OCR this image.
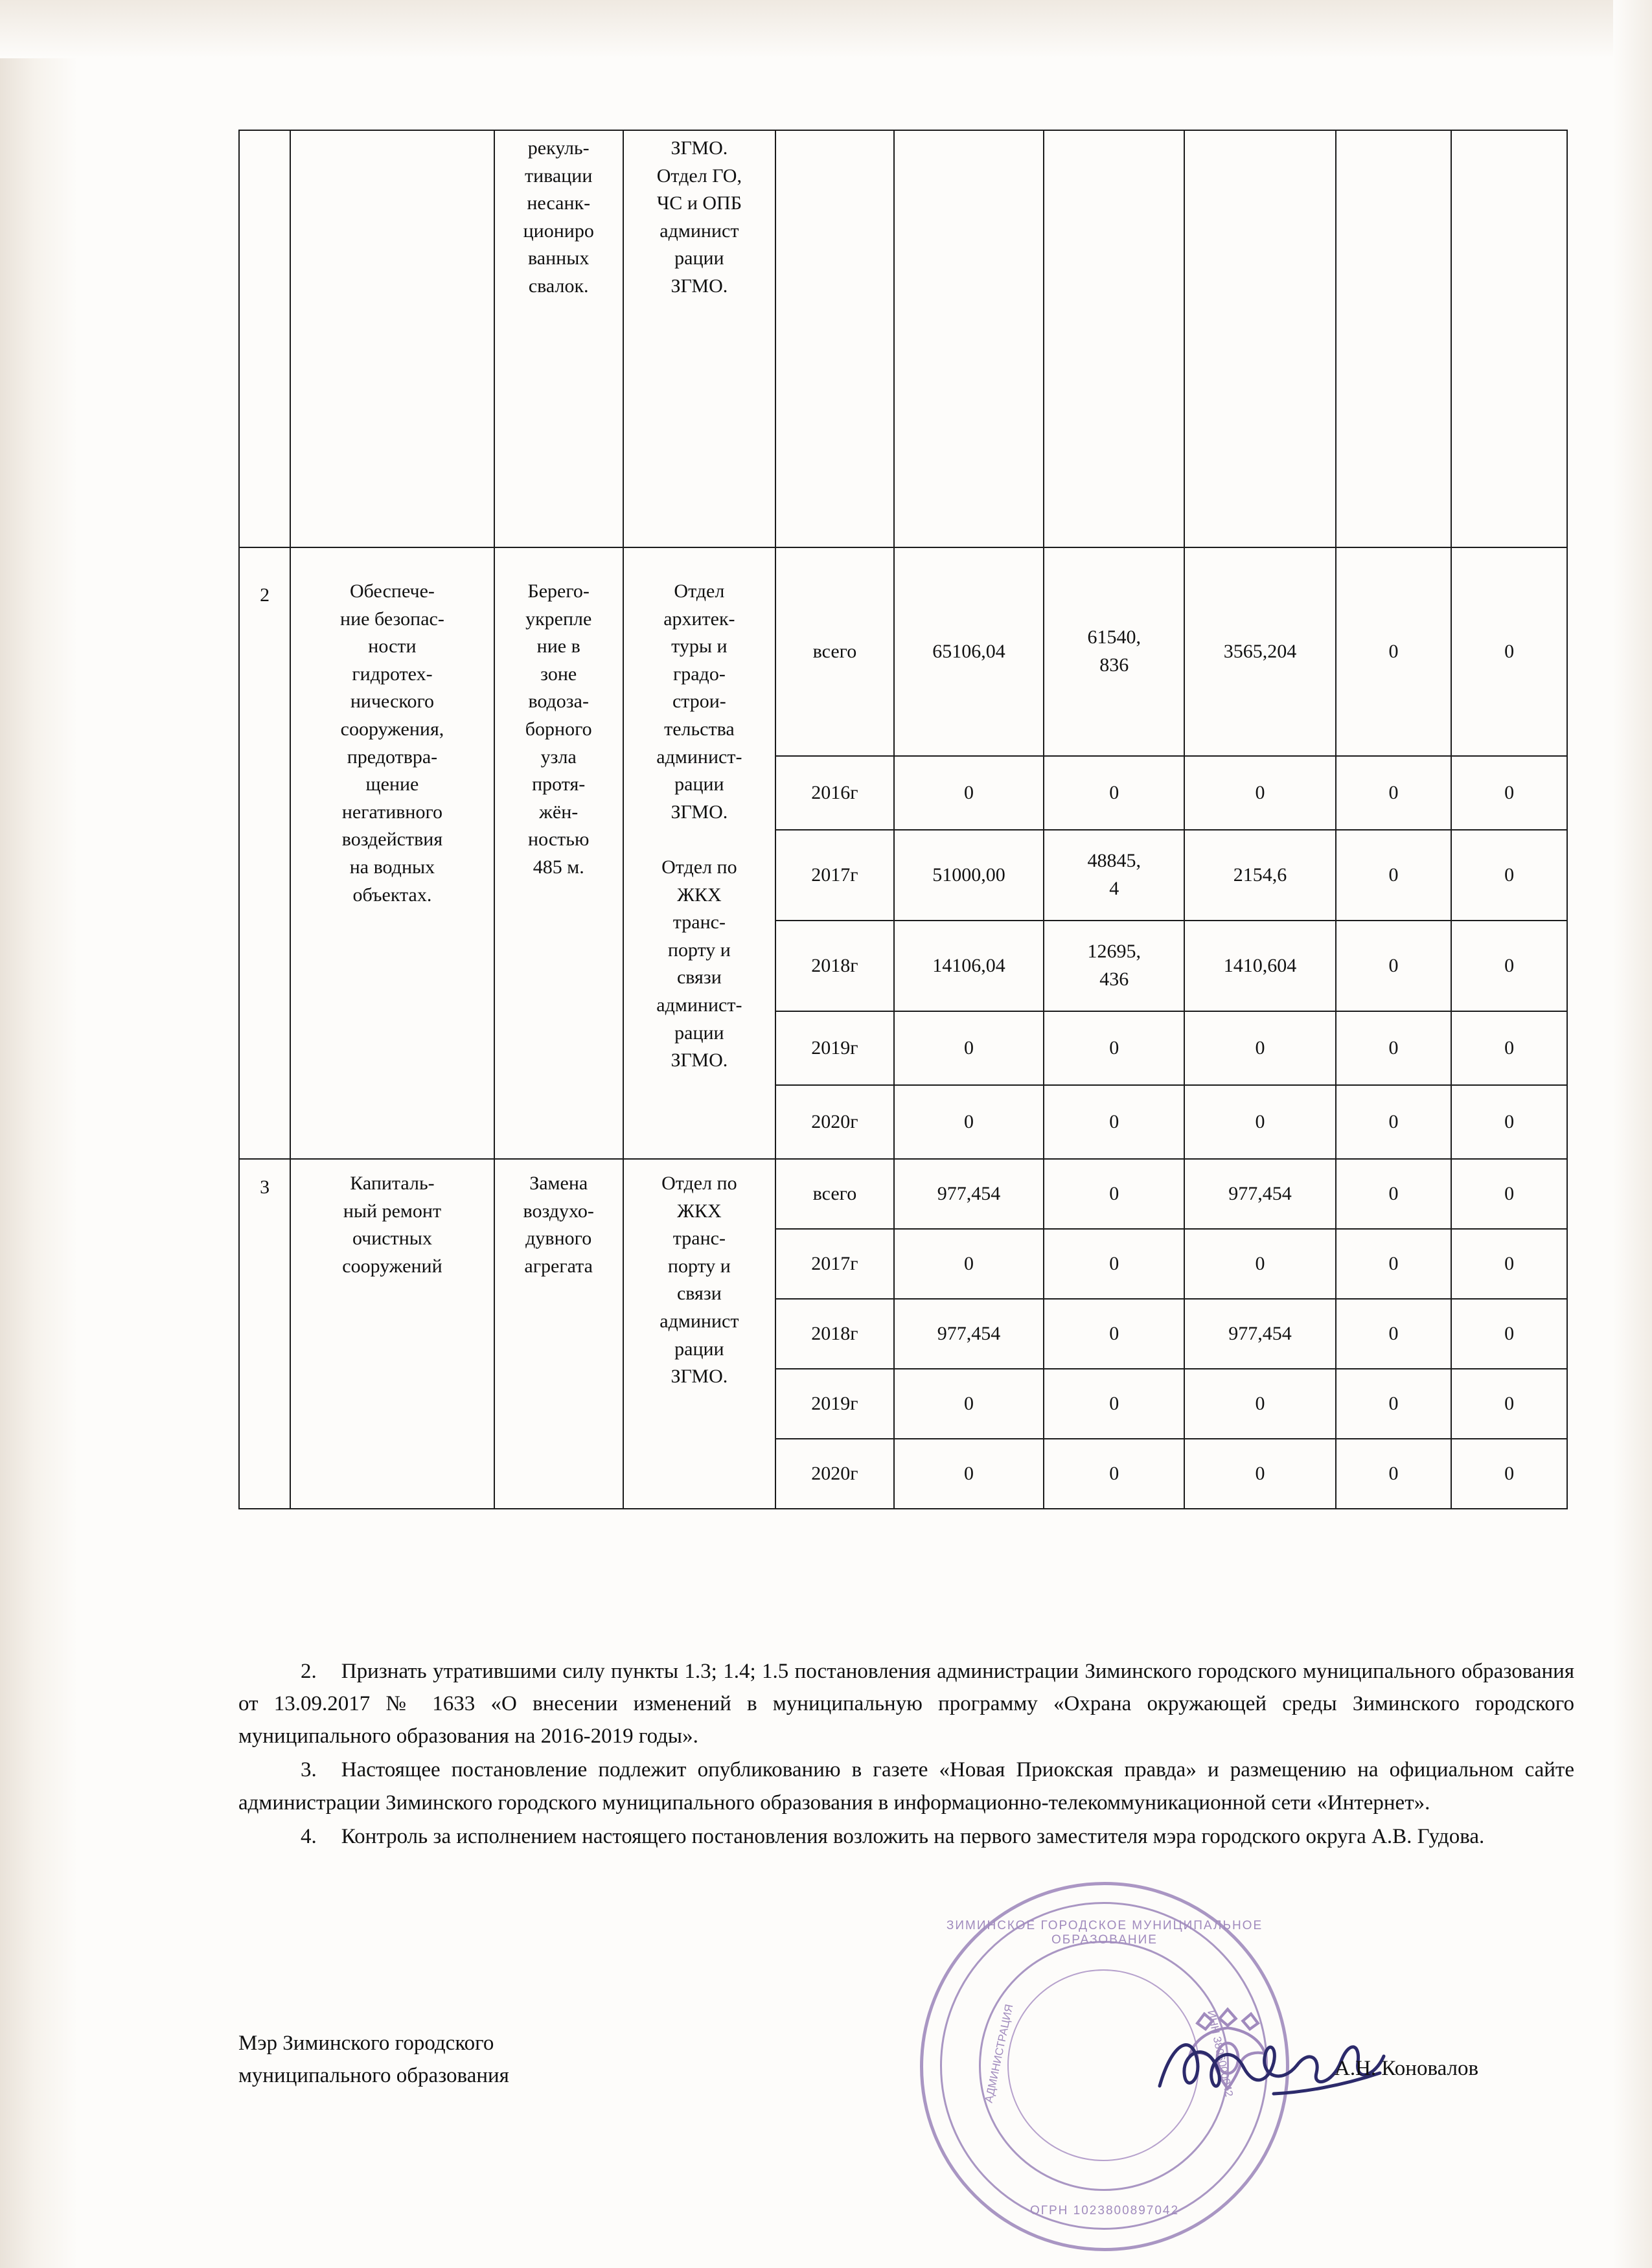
		рекуль-
тивации
несанк-
циониро
ванных
свалок.	ЗГМО.
Отдел ГО,
ЧС и ОПБ
админист
рации
ЗГМО.						
2	Обеспече-
ние безопас-
ности
гидротех-
нического
сооружения,
предотвра-
щение
негативного
воздействия
на водных
объектах.	Берего-
укрепле
ние в
зоне
водоза-
борного
узла
протя-
жён-
ностью
485 м.	Отдел
архитек-
туры и
градо-
строи-
тельства
админист-
рации
ЗГМО.

Отдел по
ЖКХ
транс-
порту и
связи
админист-
рации
ЗГМО.	всего	65106,04	61540,
836	3565,204	0	0
				2016г	0	0	0	0	0
				2017г	51000,00	48845,
4	2154,6	0	0
				2018г	14106,04	12695,
436	1410,604	0	0
				2019г	0	0	0	0	0
				2020г	0	0	0	0	0
3	Капиталь-
ный ремонт
очистных
сооружений	Замена
воздухо-
дувного
агрегата	Отдел по
ЖКХ
транс-
порту и
связи
админист
рации
ЗГМО.	всего	977,454	0	977,454	0	0
				2017г	0	0	0	0	0
				2018г	977,454	0	977,454	0	0
				2019г	0	0	0	0	0
				2020г	0	0	0	0	0

2. Признать утратившими силу пункты 1.3; 1.4; 1.5 постановления администрации Зиминского городского муниципального образования от 13.09.2017 № 1633 «О внесении изменений в муниципальную программу «Охрана окружающей среды Зиминского городского муниципального образования на 2016-2019 годы».

3. Настоящее постановление подлежит опубликованию в газете «Новая Приокская правда» и размещению на официальном сайте администрации Зиминского городского муниципального образования в информационно-телекоммуникационной сети «Интернет».

4. Контроль за исполнением настоящего постановления возложить на первого заместителя мэра городского округа А.В. Гудова.

ЗИМИНСКОЕ ГОРОДСКОЕ МУНИЦИПАЛЬНОЕ ОБРАЗОВАНИЕ
АДМИНИСТРАЦИЯ	ИНН 3806000042
ОГРН 1023800897042
Мэр Зиминского городского
муниципального образования	А.Н. Коновалов
